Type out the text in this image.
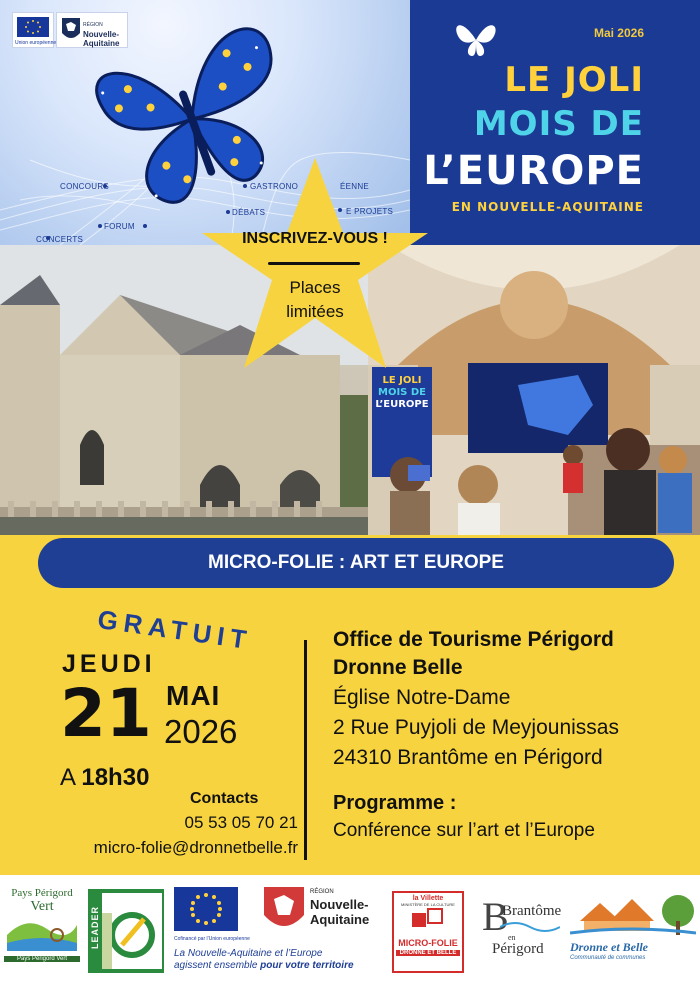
Union européenne
RÉGION
Nouvelle-Aquitaine
CONCOURS	GASTRONO	ÉENNE
FORUM
DÉBATS	E PROJETS
CONCERTS
Mai 2026
LE JOLI
MOIS DE
L’EUROPE
EN NOUVELLE-AQUITAINE
LE JOLI
MOIS DE
L’EUROPE
INSCRIVEZ-VOUS !
Places
limitées
MICRO-FOLIE : ART ET EUROPE
GRATUIT
JEUDI
21 MAI
2026
A 18h30
Contacts
05 53 05 70 21
micro-folie@dronnetbelle.fr
Office de Tourisme Périgord
Dronne Belle
Église Notre-Dame
2 Rue Puyjoli de Meyjounissas
24310 Brantôme en Périgord
Programme :
Conférence sur l’art et l’Europe
Pays Périgord
Vert
Pays Périgord Vert
LEADER	Cofinancé par l’Union européenne
RÉGION
Nouvelle-
Aquitaine
La Nouvelle-Aquitaine et l’Europe
agissent ensemble pour votre territoire
la Villette
MINISTÈRE DE LA CULTURE
MICRO-FOLIE
DRONNE ET BELLE
B
Brantôme
en
Périgord Dronne et Belle
Communauté de communes
